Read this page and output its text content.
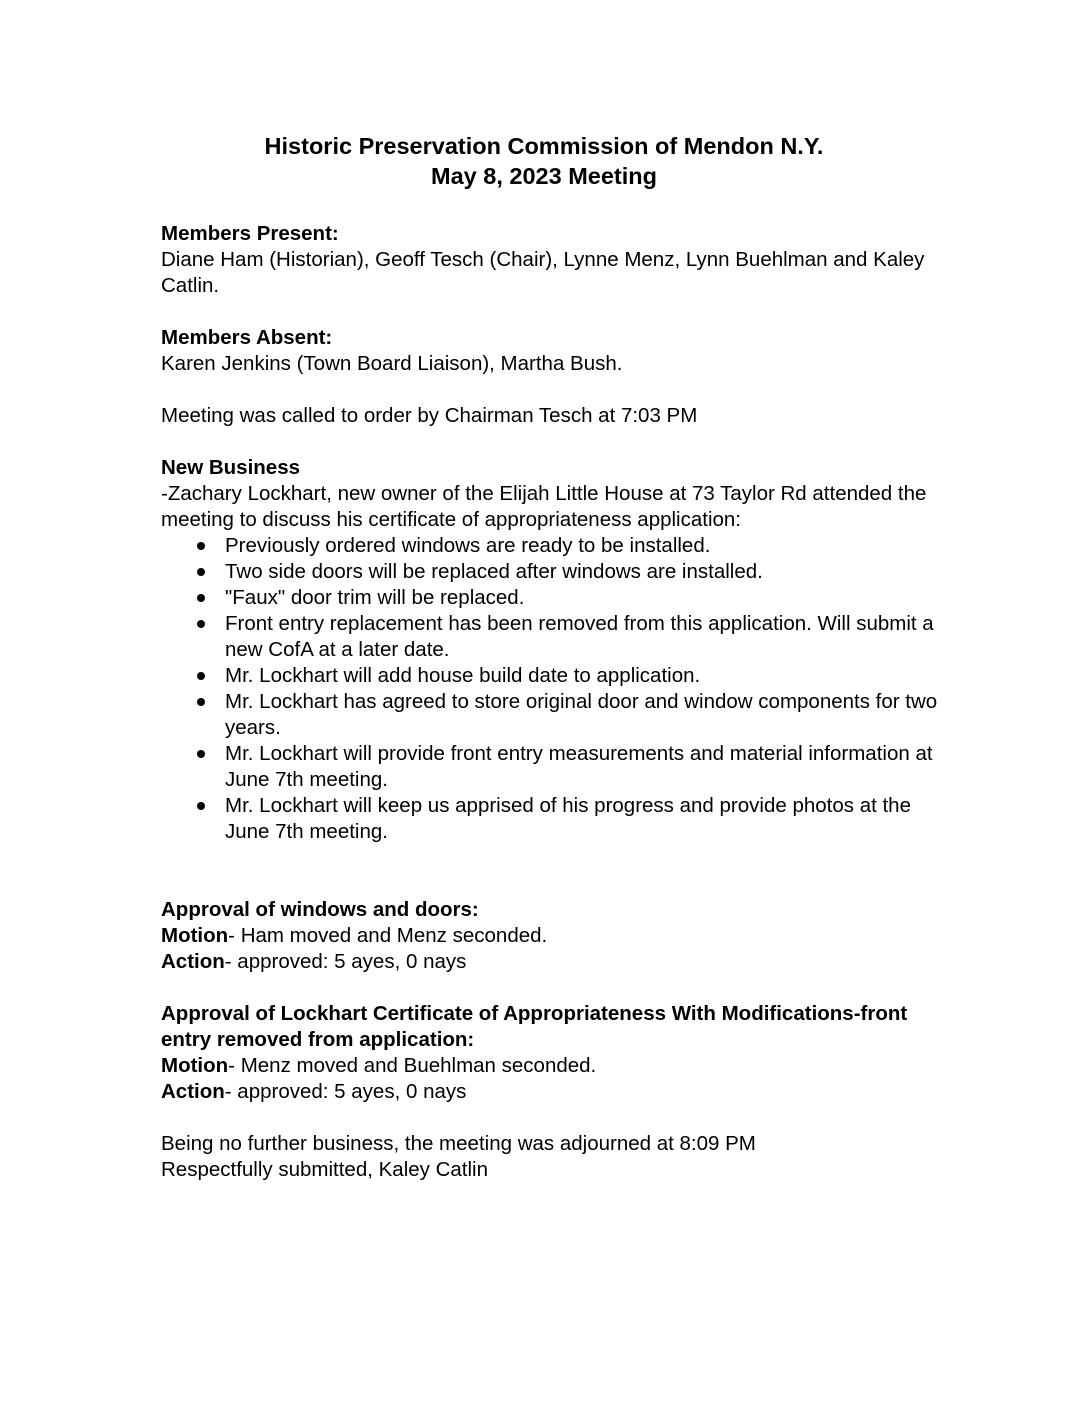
Historic Preservation Commission of Mendon N.Y.
May 8, 2023 Meeting

Members Present:

Diane Ham (Historian), Geoff Tesch (Chair), Lynne Menz, Lynn Buehlman and Kaley Catlin.

Members Absent:

Karen Jenkins (Town Board Liaison), Martha Bush.

Meeting was called to order by Chairman Tesch at 7:03 PM

New Business

-Zachary Lockhart, new owner of the Elijah Little House at 73 Taylor Rd attended the meeting to discuss his certificate of appropriateness application:

Previously ordered windows are ready to be installed.
Two side doors will be replaced after windows are installed.
"Faux" door trim will be replaced.
Front entry replacement has been removed from this application. Will submit a new CofA at a later date.
Mr. Lockhart will add house build date to application.
Mr. Lockhart has agreed to store original door and window components for two years.
Mr. Lockhart will provide front entry measurements and material information at June 7th meeting.
Mr. Lockhart will keep us apprised of his progress and provide photos at the June 7th meeting.

Approval of windows and doors:

Motion- Ham moved and Menz seconded.

Action- approved: 5 ayes, 0 nays

Approval of Lockhart Certificate of Appropriateness With Modifications-front entry removed from application:

Motion- Menz moved and Buehlman seconded.

Action- approved: 5 ayes, 0 nays

Being no further business, the meeting was adjourned at 8:09 PM

Respectfully submitted, Kaley Catlin
